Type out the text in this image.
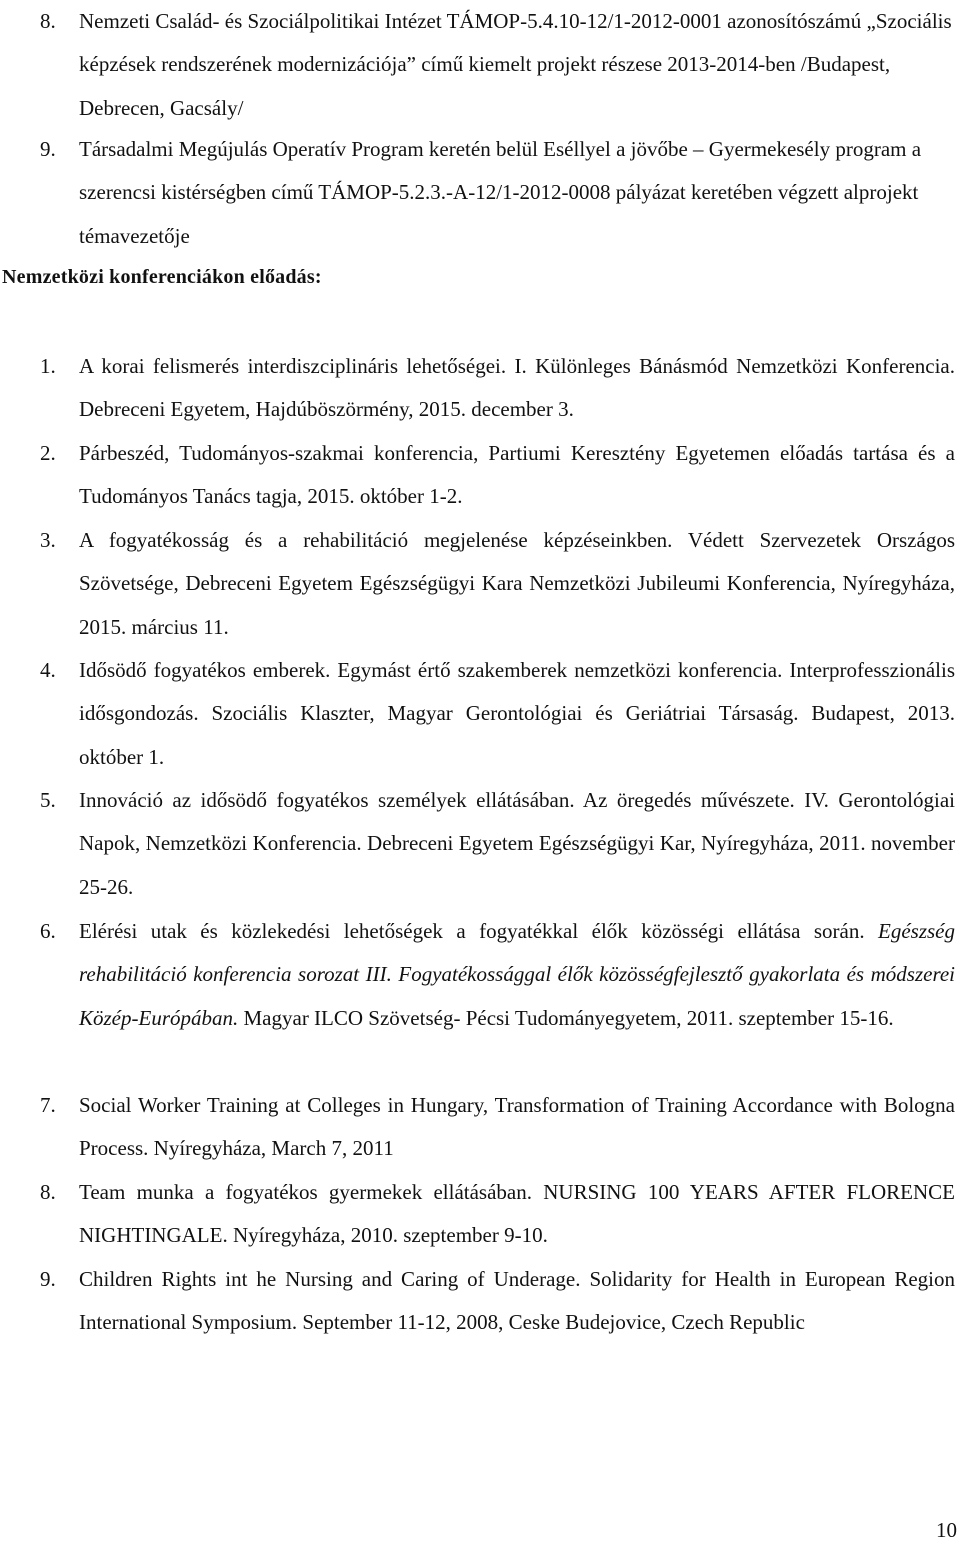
8.	Nemzeti Család- és Szociálpolitikai Intézet TÁMOP-5.4.10-12/1-2012-0001 azonosítószámú „Szociális képzések rendszerének modernizációja” című kiemelt projekt részese 2013-2014-ben /Budapest, Debrecen, Gacsály/
9.	Társadalmi Megújulás Operatív Program keretén belül Eséllyel a jövőbe – Gyermekesély program a szerencsi kistérségben című TÁMOP-5.2.3.-A-12/1-2012-0008 pályázat keretében végzett alprojekt témavezetője
Nemzetközi konferenciákon előadás:
1.	A korai felismerés interdiszciplináris lehetőségei. I. Különleges Bánásmód Nemzetközi Konferencia. Debreceni Egyetem, Hajdúböszörmény, 2015. december 3.
2.	Párbeszéd, Tudományos-szakmai konferencia, Partiumi Keresztény Egyetemen előadás tartása és a Tudományos Tanács tagja, 2015. október 1-2.
3.	A fogyatékosság és a rehabilitáció megjelenése képzéseinkben. Védett Szervezetek Országos Szövetsége, Debreceni Egyetem Egészségügyi Kara Nemzetközi Jubileumi Konferencia, Nyíregyháza, 2015. március 11.
4.	Idősödő fogyatékos emberek. Egymást értő szakemberek nemzetközi konferencia. Interprofesszionális idősgondozás. Szociális Klaszter, Magyar Gerontológiai és Geriátriai Társaság. Budapest, 2013. október 1.
5.	Innováció az idősödő fogyatékos személyek ellátásában. Az öregedés művészete. IV. Gerontológiai Napok, Nemzetközi Konferencia. Debreceni Egyetem Egészségügyi Kar, Nyíregyháza, 2011. november 25-26.
6.	Elérési utak és közlekedési lehetőségek a fogyatékkal élők közösségi ellátása során. Egészség rehabilitáció konferencia sorozat III. Fogyatékossággal élők közösségfejlesztő gyakorlata és módszerei Közép-Európában. Magyar ILCO Szövetség- Pécsi Tudományegyetem, 2011. szeptember 15-16.
7.	Social Worker Training at Colleges in Hungary, Transformation of Training Accordance with Bologna Process. Nyíregyháza, March 7, 2011
8.	Team munka a fogyatékos gyermekek ellátásában. NURSING 100 YEARS AFTER FLORENCE NIGHTINGALE. Nyíregyháza, 2010. szeptember 9-10.
9.	Children Rights int he Nursing and Caring of Underage. Solidarity for Health in European Region International Symposium. September 11-12, 2008, Ceske Budejovice, Czech Republic
10
